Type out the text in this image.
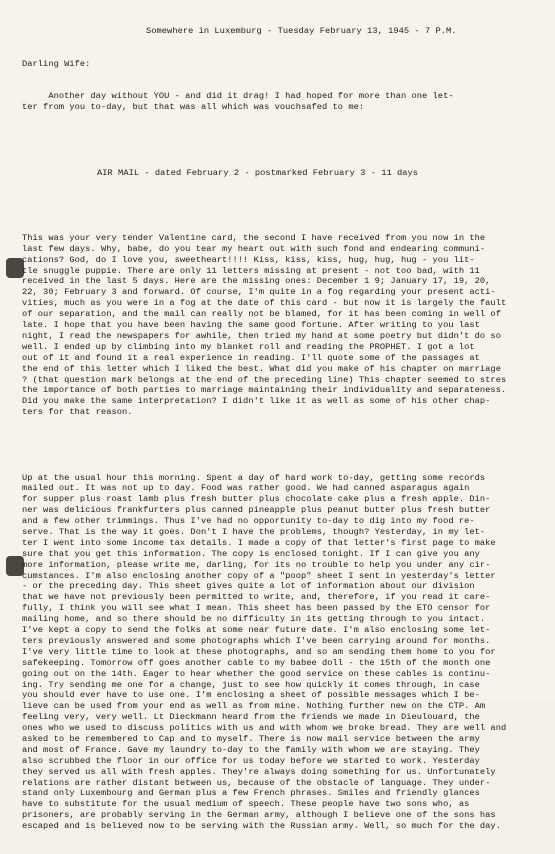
Somewhere in Luxemburg - Tuesday February 13, 1945 - 7 P.M.

Darling Wife:

Another day without YOU - and did it drag! I had hoped for more than one let-
ter from you to-day, but that was all which was vouchsafed to me:

AIR MAIL - dated February 2 - postmarked February 3 - 11 days

This was your very tender Valentine card, the second I have received from you now in the
last few days. Why, babe, do you tear my heart out with such fond and endearing communi-
cations? God, do I love you, sweetheart!!!! Kiss, kiss, kiss, hug, hug, hug - you lit-
tle snuggle puppie. There are only 11 letters missing at present - not too bad, with 11
received in the last 5 days. Here are the missing ones: December 1 9; January 17, 19, 20,
22, 30; February 3 and forward. Of course, I'm quite in a fog regarding your present acti-
vities, much as you were in a fog at the date of this card - but now it is largely the fault
of our separation, and the mail can really not be blamed, for it has been coming in well of
late. I hope that you have been having the same good fortune. After writing to you last
night, I read the newspapers for awhile, then tried my hand at some poetry but didn't do so
well. I ended up by climbing into my blanket roll and reading the PROPHET. I got a lot
out of it and found it a real experience in reading. I'll quote some of the passages at
the end of this letter which I liked the best. What did you make of his chapter on marriage
? (that question mark belongs at the end of the preceding line) This chapter seemed to stres
the importance of both parties to marriage maintaining their individuality and separateness.
Did you make the same interpretation? I didn't like it as well as some of his other chap-
ters for that reason.

Up at the usual hour this morning. Spent a day of hard work to-day, getting some records
mailed out. It was not up to day. Food was rather good. We had canned asparagus again
for supper plus roast lamb plus fresh butter plus chocolate cake plus a fresh apple. Din-
ner was delicious frankfurters plus canned pineapple plus peanut butter plus fresh butter
and a few other trimmings. Thus I've had no opportunity to-day to dig into my food re-
serve. That is the way it goes. Don't I have the problems, though? Yesterday, in my let-
ter I went into some income tax details. I made a copy of that letter's first page to make
sure that you get this information. The copy is enclosed tonight. If I can give you any
more information, please write me, darling, for its no trouble to help you under any cir-
cumstances. I'm also enclosing another copy of a "poop" sheet I sent in yesterday's letter
- or the preceding day. This sheet gives quite a lot of information about our division
that we have not previously been permitted to write, and, therefore, if you read it care-
fully, I think you will see what I mean. This sheet has been passed by the ETO censor for
mailing home, and so there should be no difficulty in its getting through to you intact.
I've kept a copy to send the folks at some near future date. I'm also enclosing some let-
ters previously answered and some photographs which I've been carrying around for months.
I've very little time to look at these photographs, and so am sending them home to you for
safekeeping. Tomorrow off goes another cable to my babee doll - the 15th of the month one
going out on the 14th. Eager to hear whether the good service on these cables is continu-
ing. Try sending me one for a change, just to see how quickly it comes through, in case
you should ever have to use one. I'm enclosing a sheet of possible messages which I be-
lieve can be used from your end as well as from mine. Nothing further new on the CTP. Am
feeling very, very well. Lt Dieckmann heard from the friends we made in Dieulouard, the
ones who we used to discuss politics with us and with whom we broke bread. They are well and
asked to be remembered to Cap and to myself. There is now mail service between the army
and most of France. Gave my laundry to-day to the family with whom we are staying. They
also scrubbed the floor in our office for us today before we started to work. Yesterday
they served us all with fresh apples. They're always doing something for us. Unfortunately
relations are rather distant between us, because of the obstacle of language. They under-
stand only Luxembourg and German plus a few French phrases. Smiles and friendly glances
have to substitute for the usual medium of speech. These people have two sons who, as
prisoners, are probably serving in the German army, although I believe one of the sons has
escaped and is believed now to be serving with the Russian army. Well, so much for the day.
